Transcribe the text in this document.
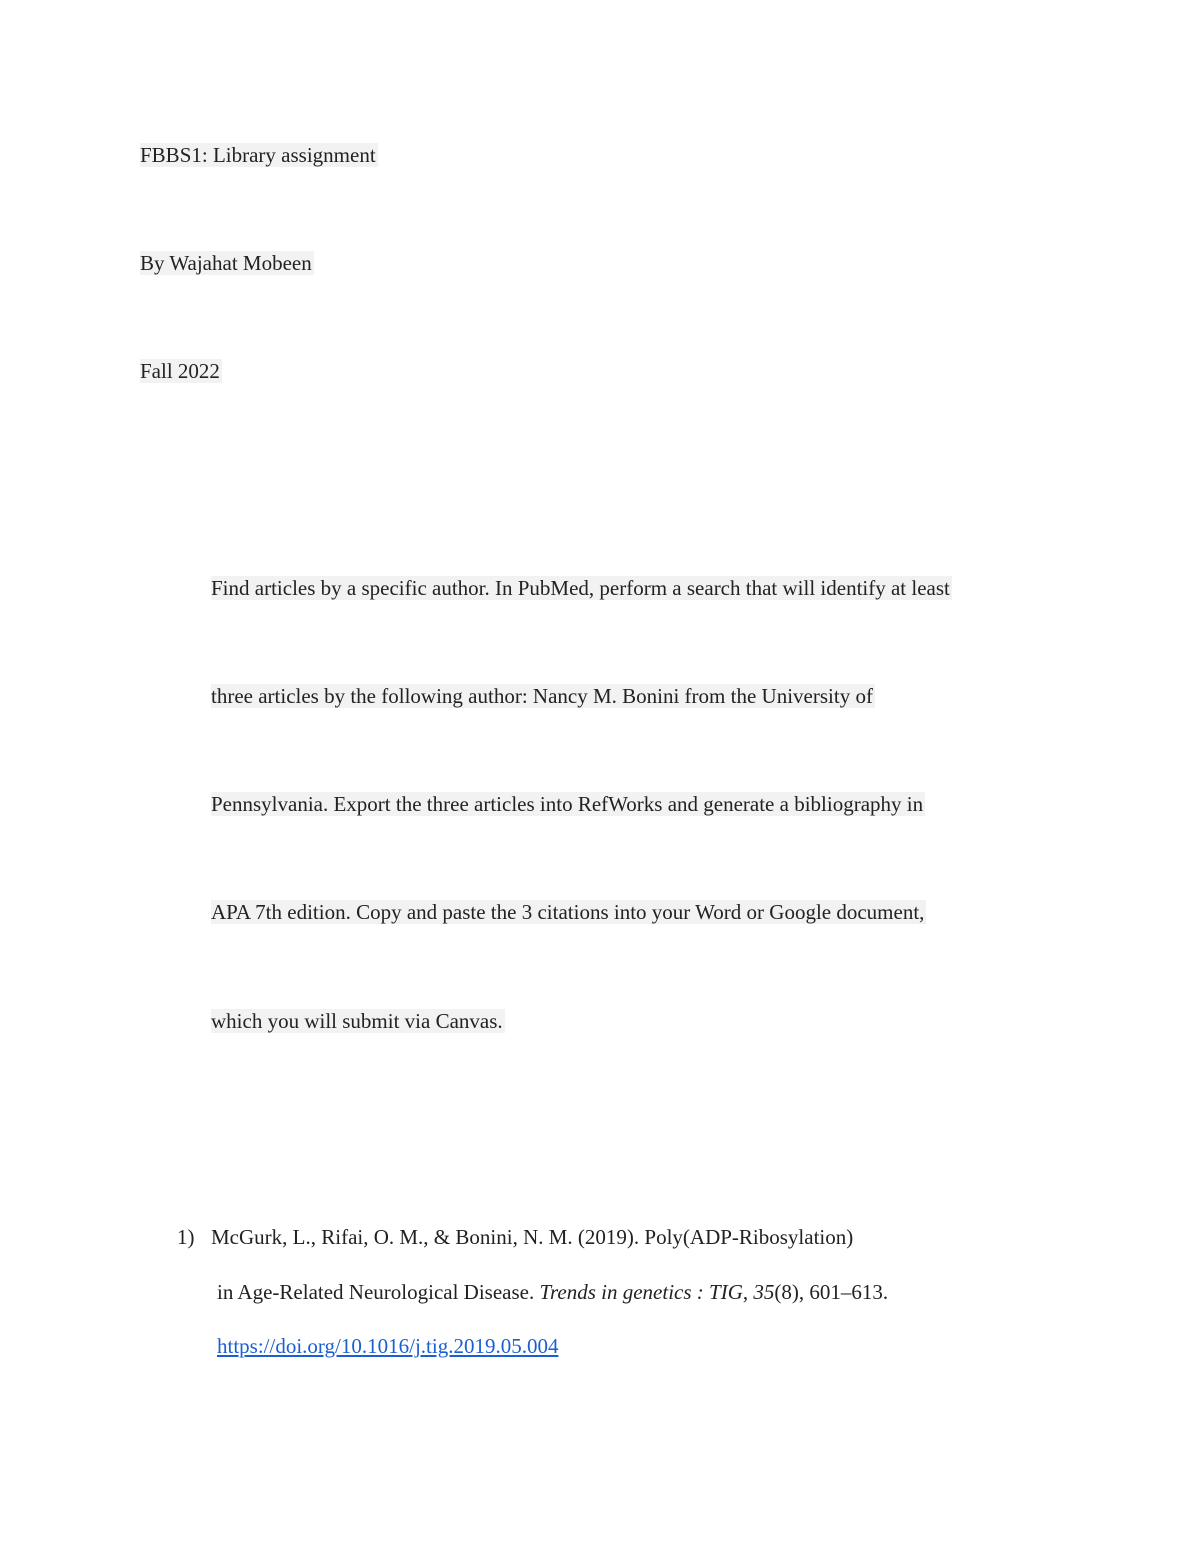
FBBS1: Library assignment
By Wajahat Mobeen
Fall 2022
Find articles by a specific author. In PubMed, perform a search that will identify at least
three articles by the following author: Nancy M. Bonini from the University of
Pennsylvania. Export the three articles into RefWorks and generate a bibliography in
APA 7th edition. Copy and paste the 3 citations into your Word or Google document,
which you will submit via Canvas.
1) McGurk, L., Rifai, O. M., & Bonini, N. M. (2019). Poly(ADP-Ribosylation)
in Age-Related Neurological Disease. Trends in genetics : TIG, 35(8), 601–613.
https://doi.org/10.1016/j.tig.2019.05.004
